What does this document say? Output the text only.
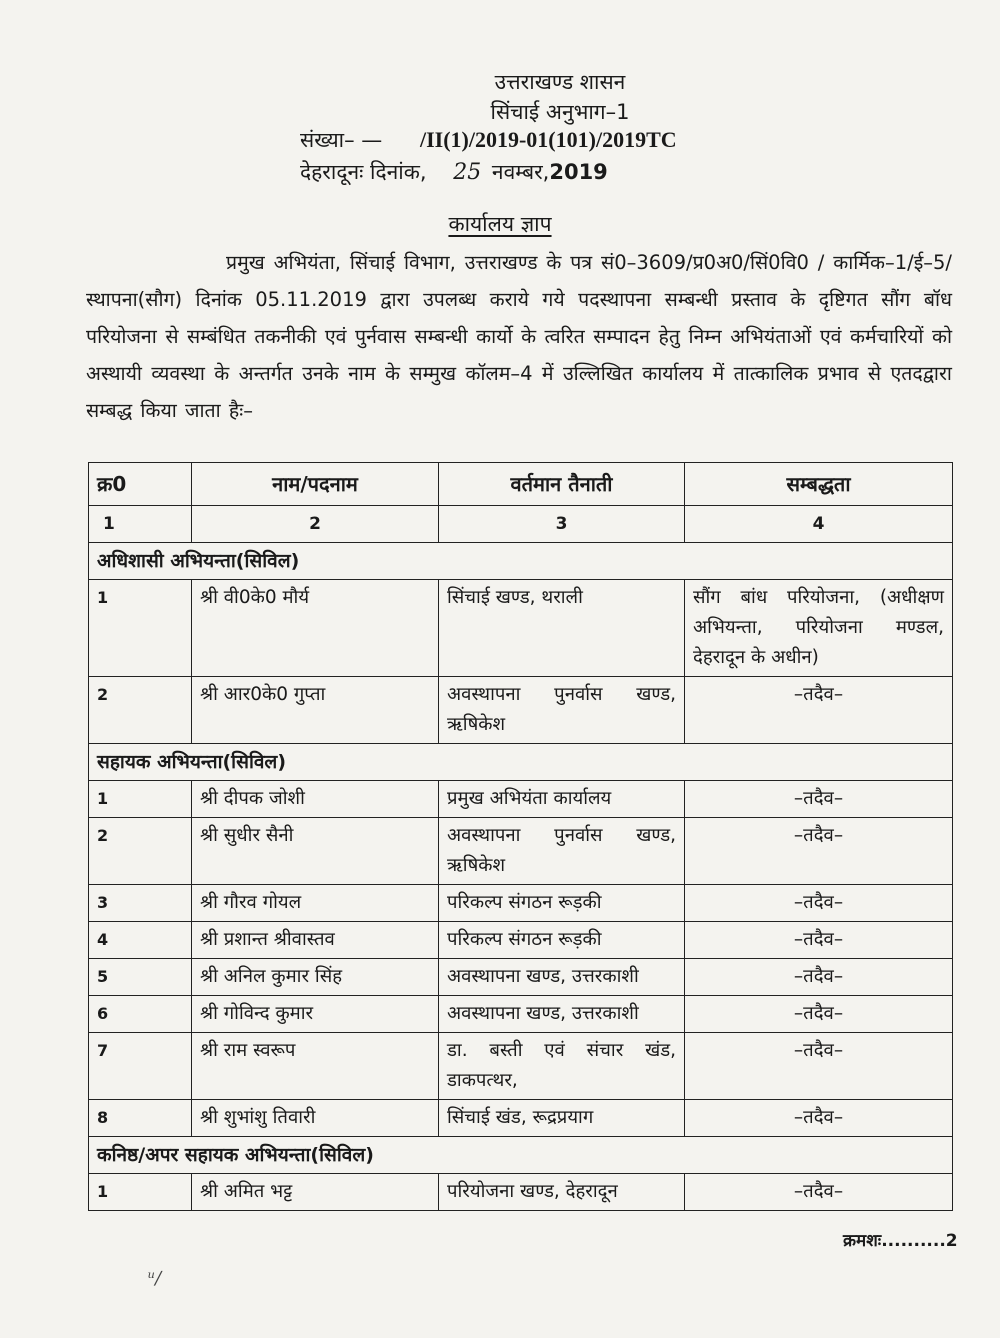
उत्तराखण्ड शासन
सिंचाई अनुभाग–1
संख्या– — /II(1)/2019-01(101)/2019TC
देहरादूनः दिनांक, 25 नवम्बर,2019
कार्यालय ज्ञाप
प्रमुख अभियंता, सिंचाई विभाग, उत्तराखण्ड के पत्र सं0–3609/प्र0अ0/सिं0वि0 / कार्मिक–1/ई–5/स्थापना(सौग) दिनांक 05.11.2019 द्वारा उपलब्ध कराये गये पदस्थापना सम्बन्धी प्रस्ताव के दृष्टिगत सौंग बॉध परियोजना से सम्बंधित तकनीकी एवं पुर्नवास सम्बन्धी कार्यो के त्वरित सम्पादन हेतु निम्न अभियंताओं एवं कर्मचारियों को अस्थायी व्यवस्था के अन्तर्गत उनके नाम के सम्मुख कॉलम–4 में उल्लिखित कार्यालय में तात्कालिक प्रभाव से एतदद्वारा सम्बद्ध किया जाता हैः–
क्र0	नाम/पदनाम	वर्तमान तैनाती	सम्बद्धता
1	2	3	4
अधिशासी अभियन्ता(सिविल)			
1	श्री वी0के0 मौर्य	सिंचाई खण्ड, थराली	सौंग बांध परियोजना, (अधीक्षण अभियन्ता, परियोजना मण्डल, देहरादून के अधीन)
2	श्री आर0के0 गुप्ता	अवस्थापना पुनर्वास खण्ड, ऋषिकेश	–तदैव–
सहायक अभियन्ता(सिविल)			
1	श्री दीपक जोशी	प्रमुख अभियंता कार्यालय	–तदैव–
2	श्री सुधीर सैनी	अवस्थापना पुनर्वास खण्ड, ऋषिकेश	–तदैव–
3	श्री गौरव गोयल	परिकल्प संगठन रूड़की	–तदैव–
4	श्री प्रशान्त श्रीवास्तव	परिकल्प संगठन रूड़की	–तदैव–
5	श्री अनिल कुमार सिंह	अवस्थापना खण्ड, उत्तरकाशी	–तदैव–
6	श्री गोविन्द कुमार	अवस्थापना खण्ड, उत्तरकाशी	–तदैव–
7	श्री राम स्वरूप	डा. बस्ती एवं संचार खंड, डाकपत्थर,	–तदैव–
8	श्री शुभांशु तिवारी	सिंचाई खंड, रूद्रप्रयाग	–तदैव–
कनिष्ठ/अपर सहायक अभियन्ता(सिविल)			
1	श्री अमित भट्ट	परियोजना खण्ड, देहरादून	–तदैव–
क्रमशः..........2
ᵘ∕
